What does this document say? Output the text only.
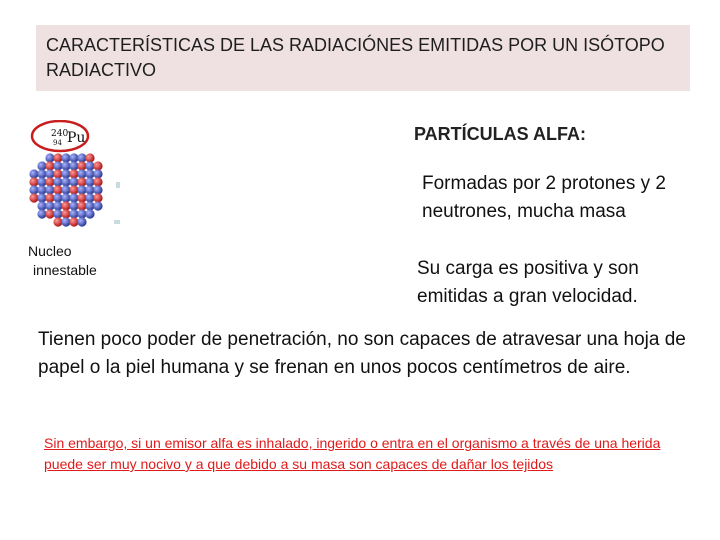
CARACTERÍSTICAS DE LAS RADIACIÓNES EMITIDAS POR UN ISÓTOPO RADIACTIVO
240
94 Pu
Nucleo
innestable
PARTÍCULAS ALFA:
Formadas por 2 protones y 2 neutrones, mucha masa
Su carga es positiva y son emitidas a gran velocidad.
Tienen poco poder de penetración, no son capaces de atravesar una hoja de papel o la piel humana y se frenan en unos pocos centímetros de aire.
Sin embargo, si un emisor alfa es inhalado, ingerido o entra en el organismo a través de una herida puede ser muy nocivo y a que debido a su masa son capaces de dañar los tejidos
